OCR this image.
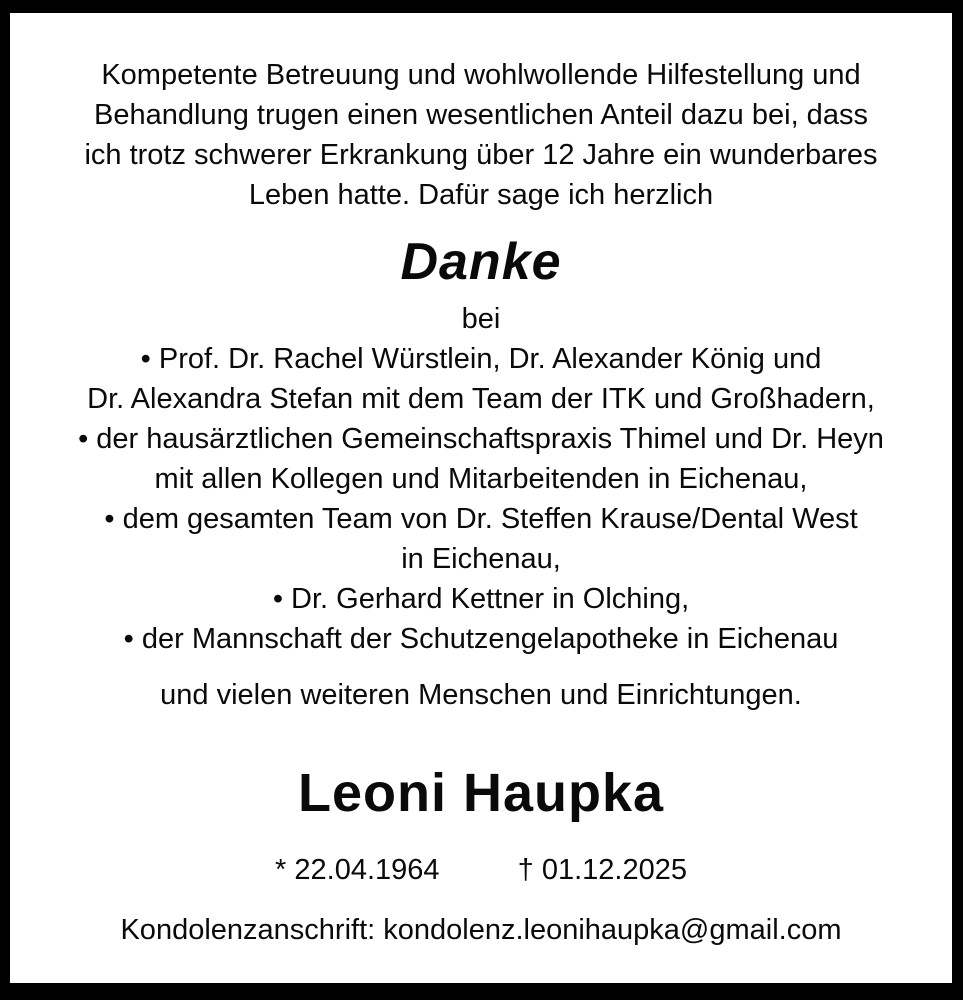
Kompetente Betreuung und wohlwollende Hilfestellung und
Behandlung trugen einen wesentlichen Anteil dazu bei, dass
ich trotz schwerer Erkrankung über 12 Jahre ein wunderbares
Leben hatte. Dafür sage ich herzlich
Danke
bei
• Prof. Dr. Rachel Würstlein, Dr. Alexander König und
Dr. Alexandra Stefan mit dem Team der ITK und Großhadern,
• der hausärztlichen Gemeinschaftspraxis Thimel und Dr. Heyn
mit allen Kollegen und Mitarbeitenden in Eichenau,
• dem gesamten Team von Dr. Steffen Krause/Dental West
in Eichenau,
• Dr. Gerhard Kettner in Olching,
• der Mannschaft der Schutzengelapotheke in Eichenau
und vielen weiteren Menschen und Einrichtungen.
Leoni Haupka
* 22.04.1964	† 01.12.2025
Kondolenzanschrift: kondolenz.leonihaupka@gmail.com
